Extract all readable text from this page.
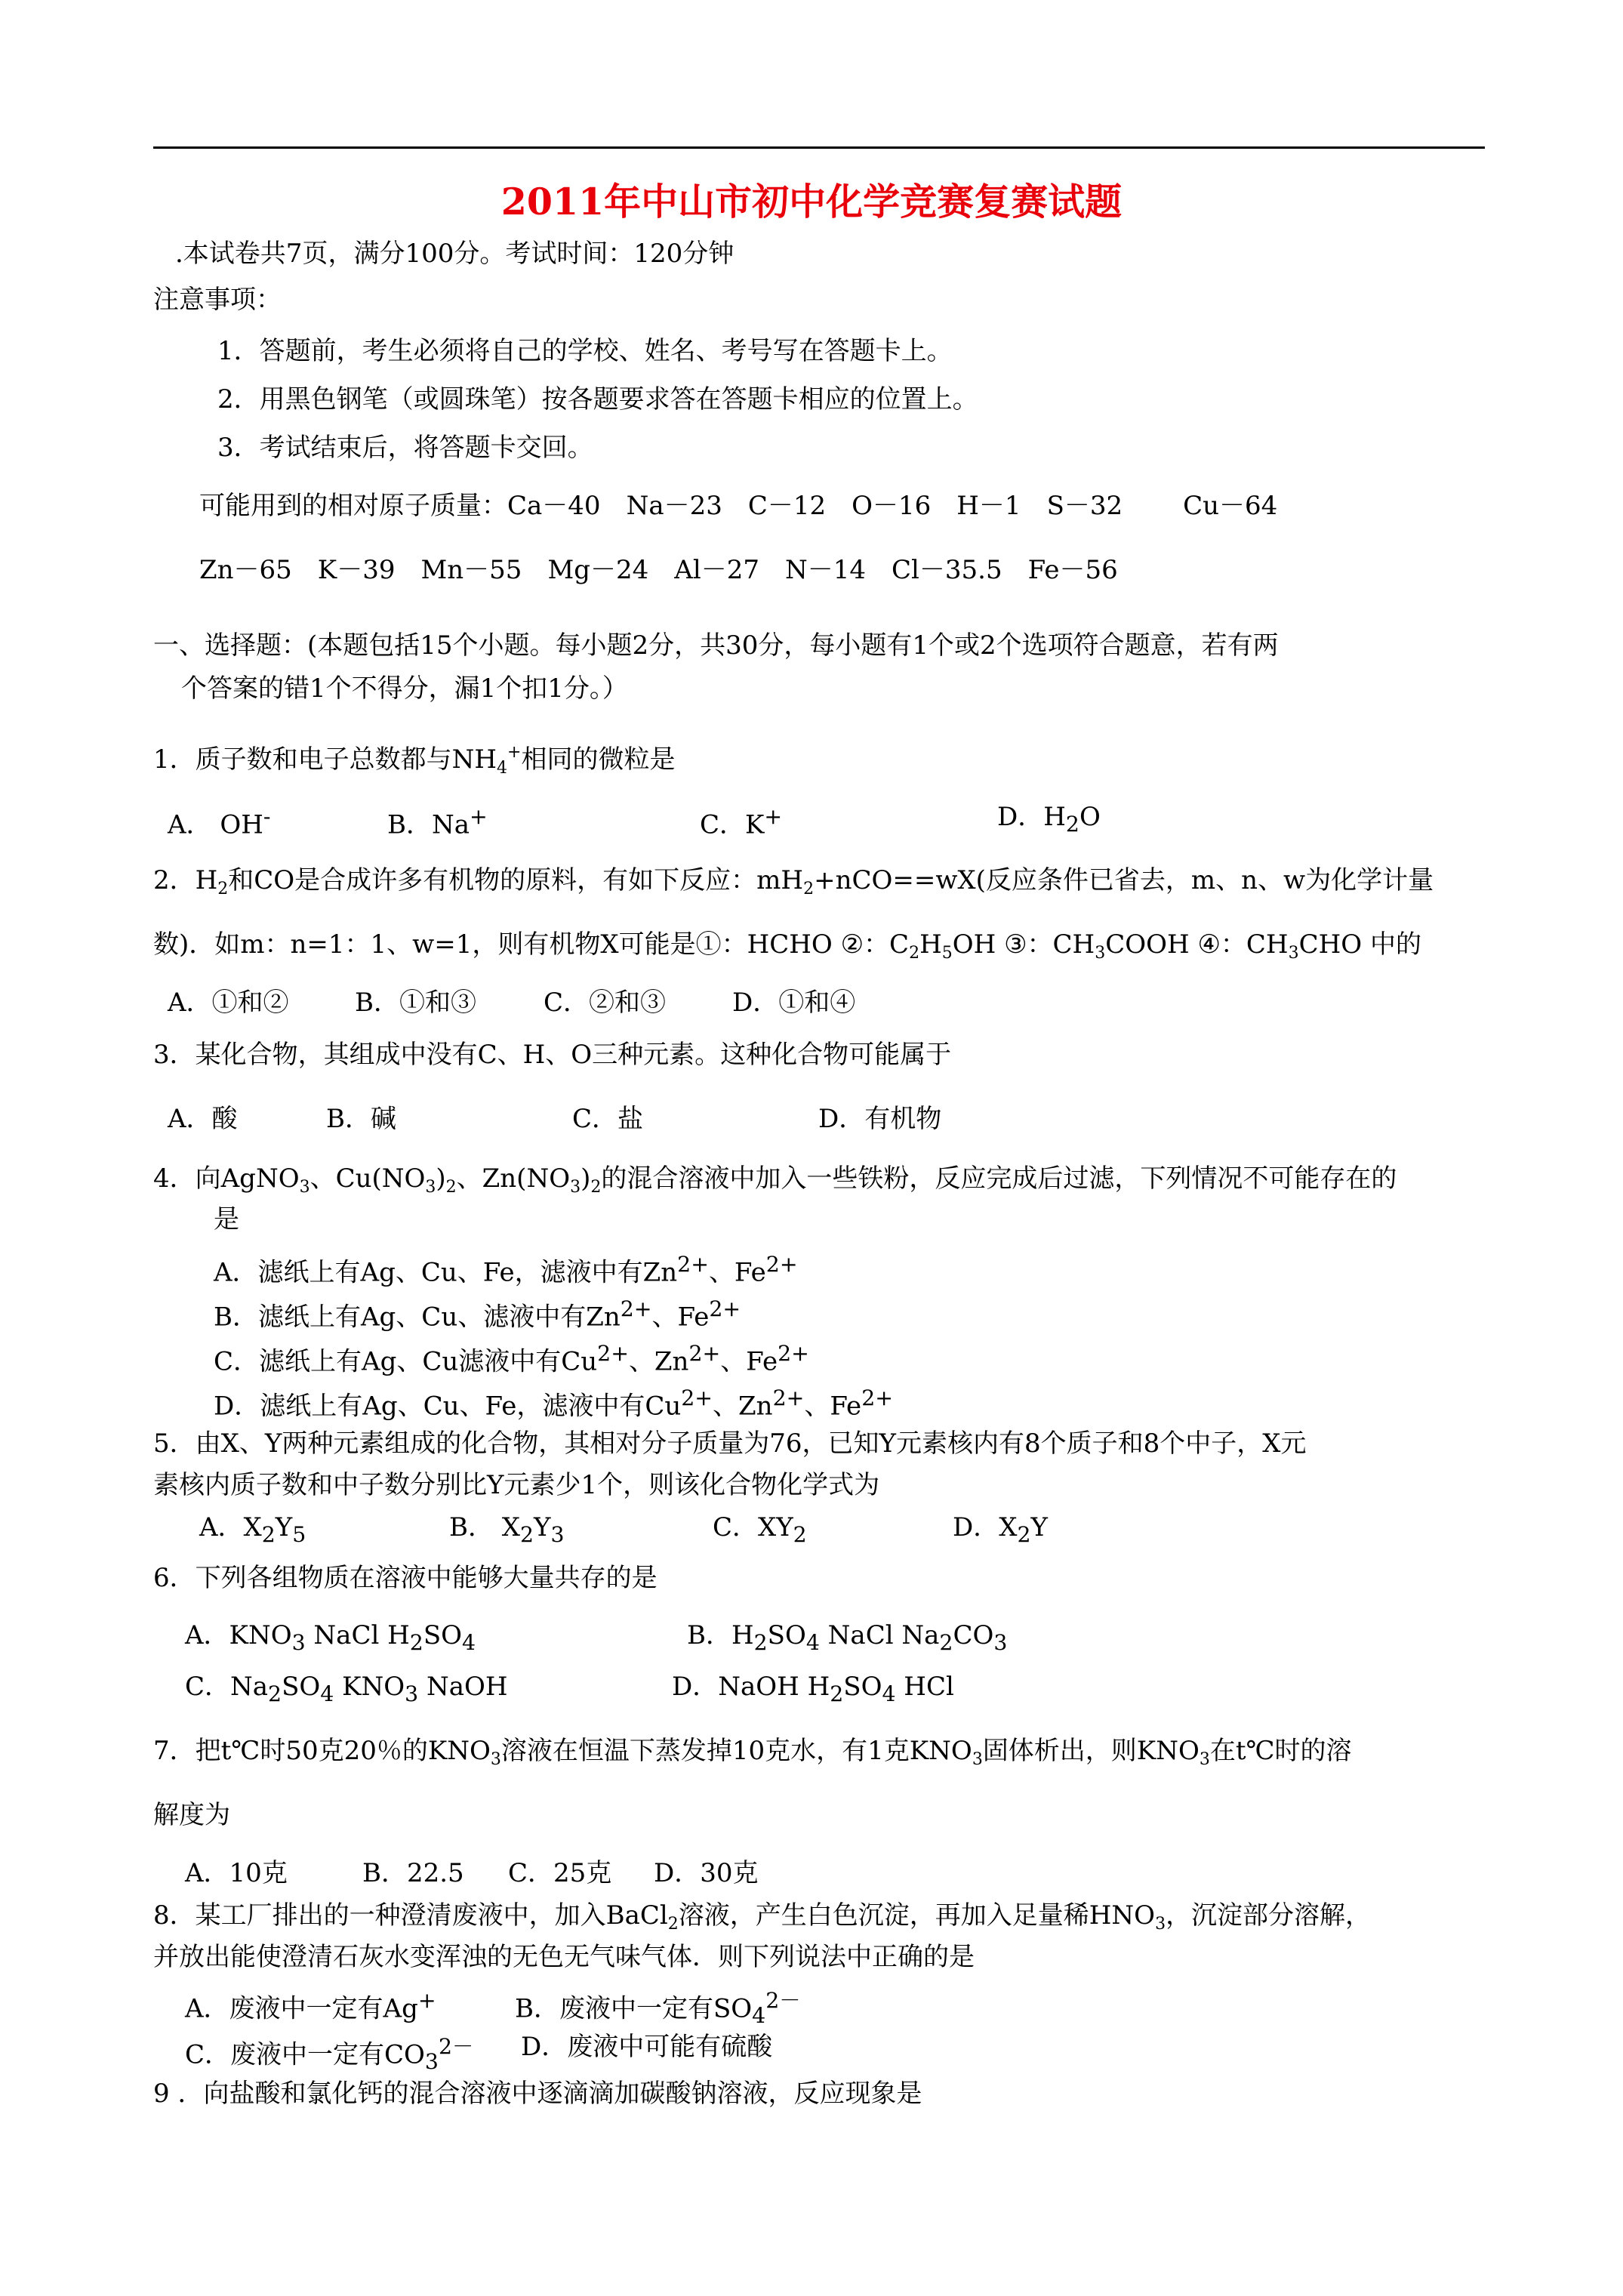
2011年中山市初中化学竞赛复赛试题
.本试卷共7页，满分100分。考试时间：120分钟
注意事项：
1．答题前，考生必须将自己的学校、姓名、考号写在答题卡上。
2．用黑色钢笔（或圆珠笔）按各题要求答在答题卡相应的位置上。
3．考试结束后，将答题卡交回。
可能用到的相对原子质量：Ca－40 Na－23 C－12 O－16 H－1 S－32 Cu－64
Zn－65 K－39 Mn－55 Mg－24 Al－27 N－14 Cl－35.5 Fe－56
一、选择题：(本题包括15个小题。每小题2分，共30分，每小题有1个或2个选项符合题意，若有两
个答案的错1个不得分，漏1个扣1分。）
1．质子数和电子总数都与$NH_4^+$相同的微粒是
A． OH-	B．Na+	C．K+	D．$H_2O$
2．$H_2$和CO是合成许多有机物的原料，有如下反应：$mH_2+nCO==wX$(反应条件已省去，m、n、w为化学计量
数)．如m：n=1：1、w=1，则有机物X可能是①：HCHO ②：$C_2H_5OH$ ③：$CH_3COOH$ ④：$CH_3CHO$ 中的
A．①和②	B．①和③	C．②和③	D．①和④
3．某化合物，其组成中没有C、H、O三种元素。这种化合物可能属于
A．酸	B．碱	C．盐	D．有机物
4．向AgNO$_3$、$Cu(NO_3)_2$、$Zn(NO_3)_2$的混合溶液中加入一些铁粉，反应完成后过滤，下列情况不可能存在的
是
A．滤纸上有Ag、Cu、Fe，滤液中有$Zn^{2+}$、$Fe^{2+}$
B．滤纸上有Ag、Cu、滤液中有$Zn^{2+}$、$Fe^{2+}$
C．滤纸上有Ag、Cu滤液中有$Cu^{2+}$、$Zn^{2+}$、$Fe^{2+}$
D．滤纸上有Ag、Cu、Fe，滤液中有$Cu^{2+}$、$Zn^{2+}$、$Fe^{2+}$
5．由X、Y两种元素组成的化合物，其相对分子质量为76，已知Y元素核内有8个质子和8个中子，X元
素核内质子数和中子数分别比Y元素少1个，则该化合物化学式为
A．$X_2Y_5$	B． $X_2Y_3$	C．$XY_2$	D．$X_2Y$
6．下列各组物质在溶液中能够大量共存的是
A．$KNO_3$ NaCl $H_2SO_4$	B．$H_2SO_4$ NaCl $Na_2CO_3$
C．$Na_2SO_4$ $KNO_3$ NaOH	D．NaOH $H_2SO_4$ HCl
7．把t℃时50克20％的$KNO_3$溶液在恒温下蒸发掉10克水，有1克$KNO_3$固体析出，则$KNO_3$在t℃时的溶
解度为
A．10克	B．22.5 C．25克 D．30克
8．某工厂排出的一种澄清废液中，加入BaCl$_2$溶液，产生白色沉淀，再加入足量稀$HNO_3$，沉淀部分溶解，
并放出能使澄清石灰水变浑浊的无色无气味气体．则下列说法中正确的是
A．废液中一定有Ag+	B．废液中一定有$SO_4^{2-}$
C．废液中一定有$CO_3^{2-}$ D．废液中可能有硫酸
9 ．向盐酸和氯化钙的混合溶液中逐滴滴加碳酸钠溶液，反应现象是
